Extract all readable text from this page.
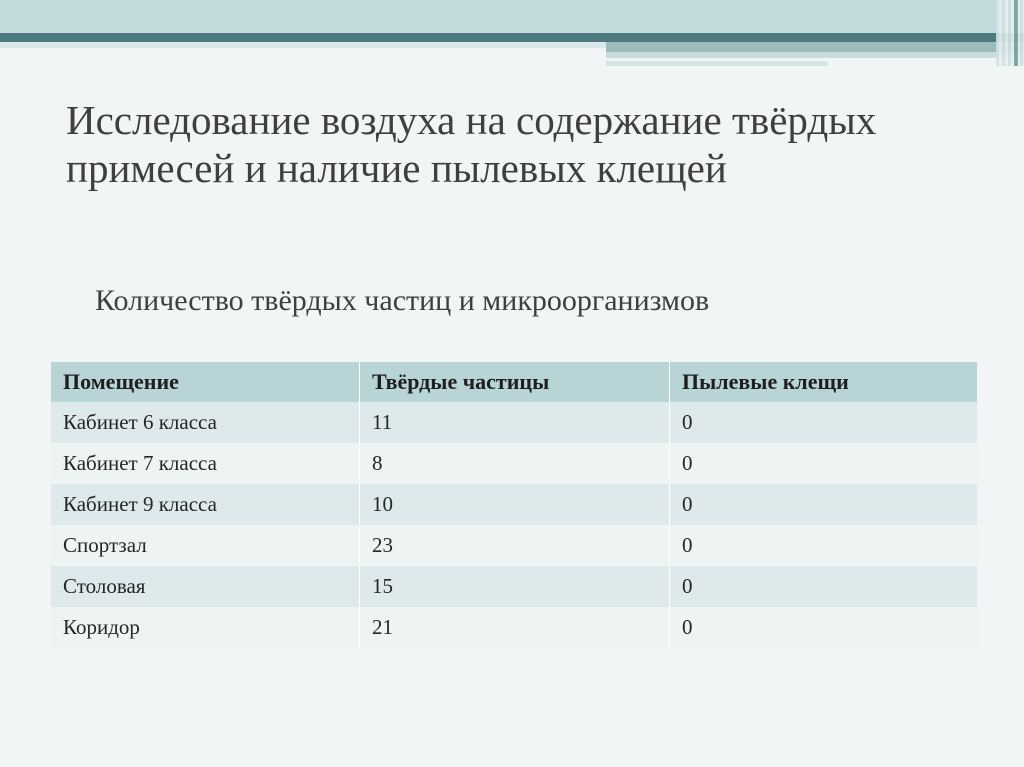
Исследование воздуха на содержание твёрдых примесей и наличие пылевых клещей
Количество твёрдых частиц и микроорганизмов
Помещение	Твёрдые частицы	Пылевые клещи
Кабинет 6 класса	11	0
Кабинет 7 класса	8	0
Кабинет 9 класса	10	0
Спортзал	23	0
Столовая	15	0
Коридор	21	0
